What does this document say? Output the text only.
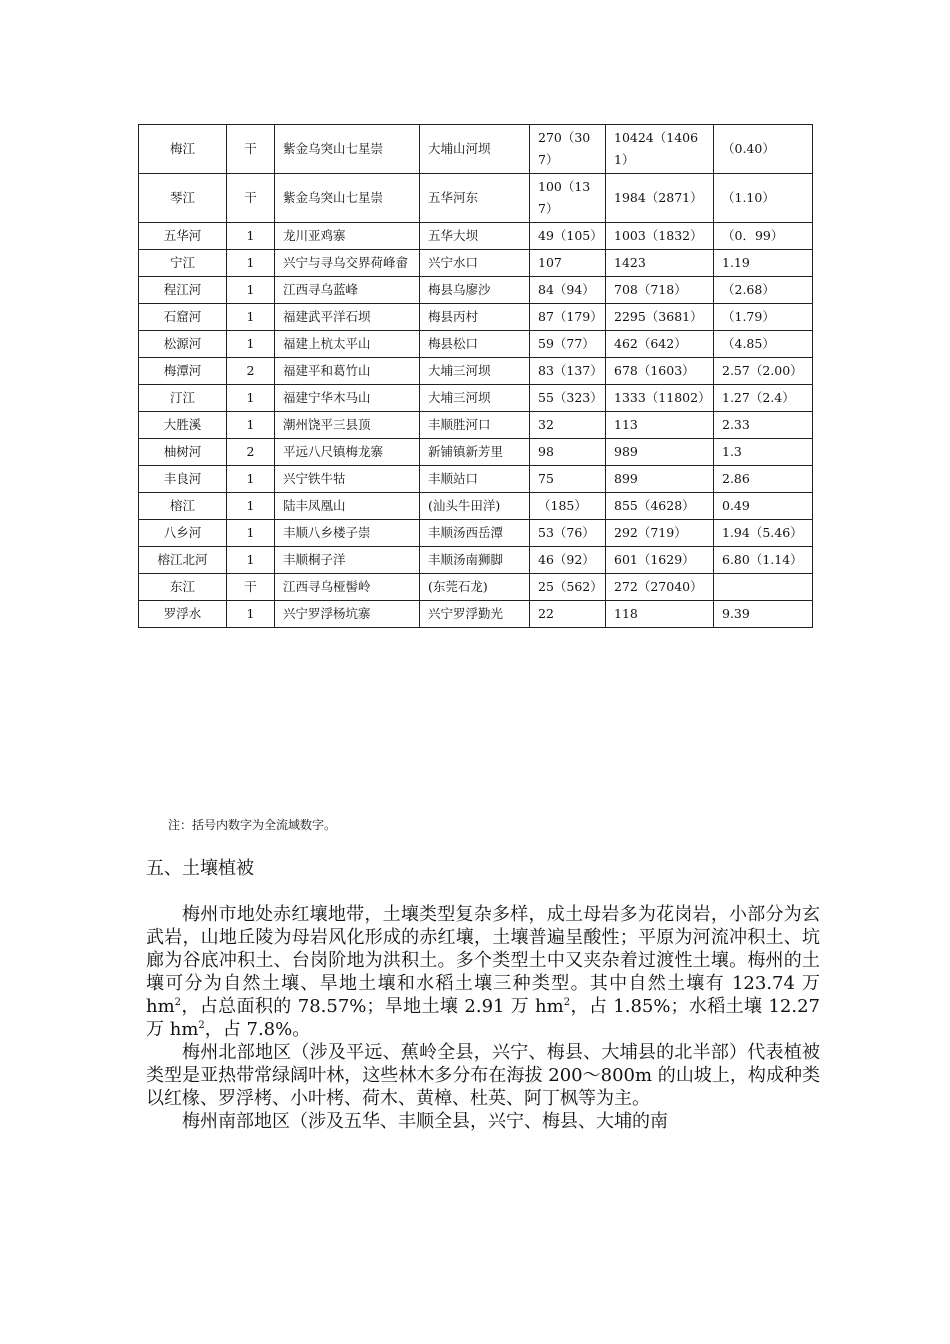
梅江	干	紫金乌突山七星崇	大埔山河坝	270（307）	10424（14061）	（0.40）
琴江	干	紫金乌突山七星崇	五华河东	100（137）	1984（2871）	（1.10）
五华河	1	龙川亚鸡寨	五华大坝	49（105）	1003（1832）	（0．99）
宁江	1	兴宁与寻乌交界荷峰畲	兴宁水口	107	1423	1.19
程江河	1	江西寻乌蓝峰	梅县乌廖沙	84（94）	708（718）	（2.68）
石窟河	1	福建武平洋石坝	梅县丙村	87（179）	2295（3681）	（1.79）
松源河	1	福建上杭太平山	梅县松口	59（77）	462（642）	（4.85）
梅潭河	2	福建平和葛竹山	大埔三河坝	83（137）	678（1603）	2.57（2.00）
汀江	1	福建宁华木马山	大埔三河坝	55（323）	1333（11802）	1.27（2.4）
大胜溪	1	潮州饶平三县顶	丰顺胜河口	32	113	2.33
柚树河	2	平远八尺镇梅龙寨	新铺镇新芳里	98	989	1.3
丰良河	1	兴宁铁牛牯	丰顺站口	75	899	2.86
榕江	1	陆丰凤凰山	(汕头牛田洋)	（185）	855（4628）	0.49
八乡河	1	丰顺八乡楼子崇	丰顺汤西岳潭	53（76）	292（719）	1.94（5.46）
榕江北河	1	丰顺桐子洋	丰顺汤南狮脚	46（92）	601（1629）	6.80（1.14）
东江	干	江西寻乌桠髻岭	(东莞石龙)	25（562）	272（27040）	
罗浮水	1	兴宁罗浮杨坑寨	兴宁罗浮勤光	22	118	9.39
注：括号内数字为全流域数字。
五、土壤植被

梅州市地处赤红壤地带，土壤类型复杂多样，成土母岩多为花岗岩，小部分为玄武岩，山地丘陵为母岩风化形成的赤红壤，土壤普遍呈酸性；平原为河流冲积土、坑廊为谷底冲积土、台岗阶地为洪积土。多个类型土中又夹杂着过渡性土壤。梅州的土壤可分为自然土壤、旱地土壤和水稻土壤三种类型。其中自然土壤有 123.74 万 $hm^2$，占总面积的 78.57%；旱地土壤 2.91 万 $hm^2$，占 1.85%；水稻土壤 12.27 万 $hm^2$，占 7.8%。

梅州北部地区（涉及平远、蕉岭全县，兴宁、梅县、大埔县的北半部）代表植被类型是亚热带常绿阔叶林，这些林木多分布在海拔 200～800m 的山坡上，构成种类以红椽、罗浮栲、小叶栲、荷木、黄樟、杜英、阿丁枫等为主。

梅州南部地区（涉及五华、丰顺全县，兴宁、梅县、大埔的南
